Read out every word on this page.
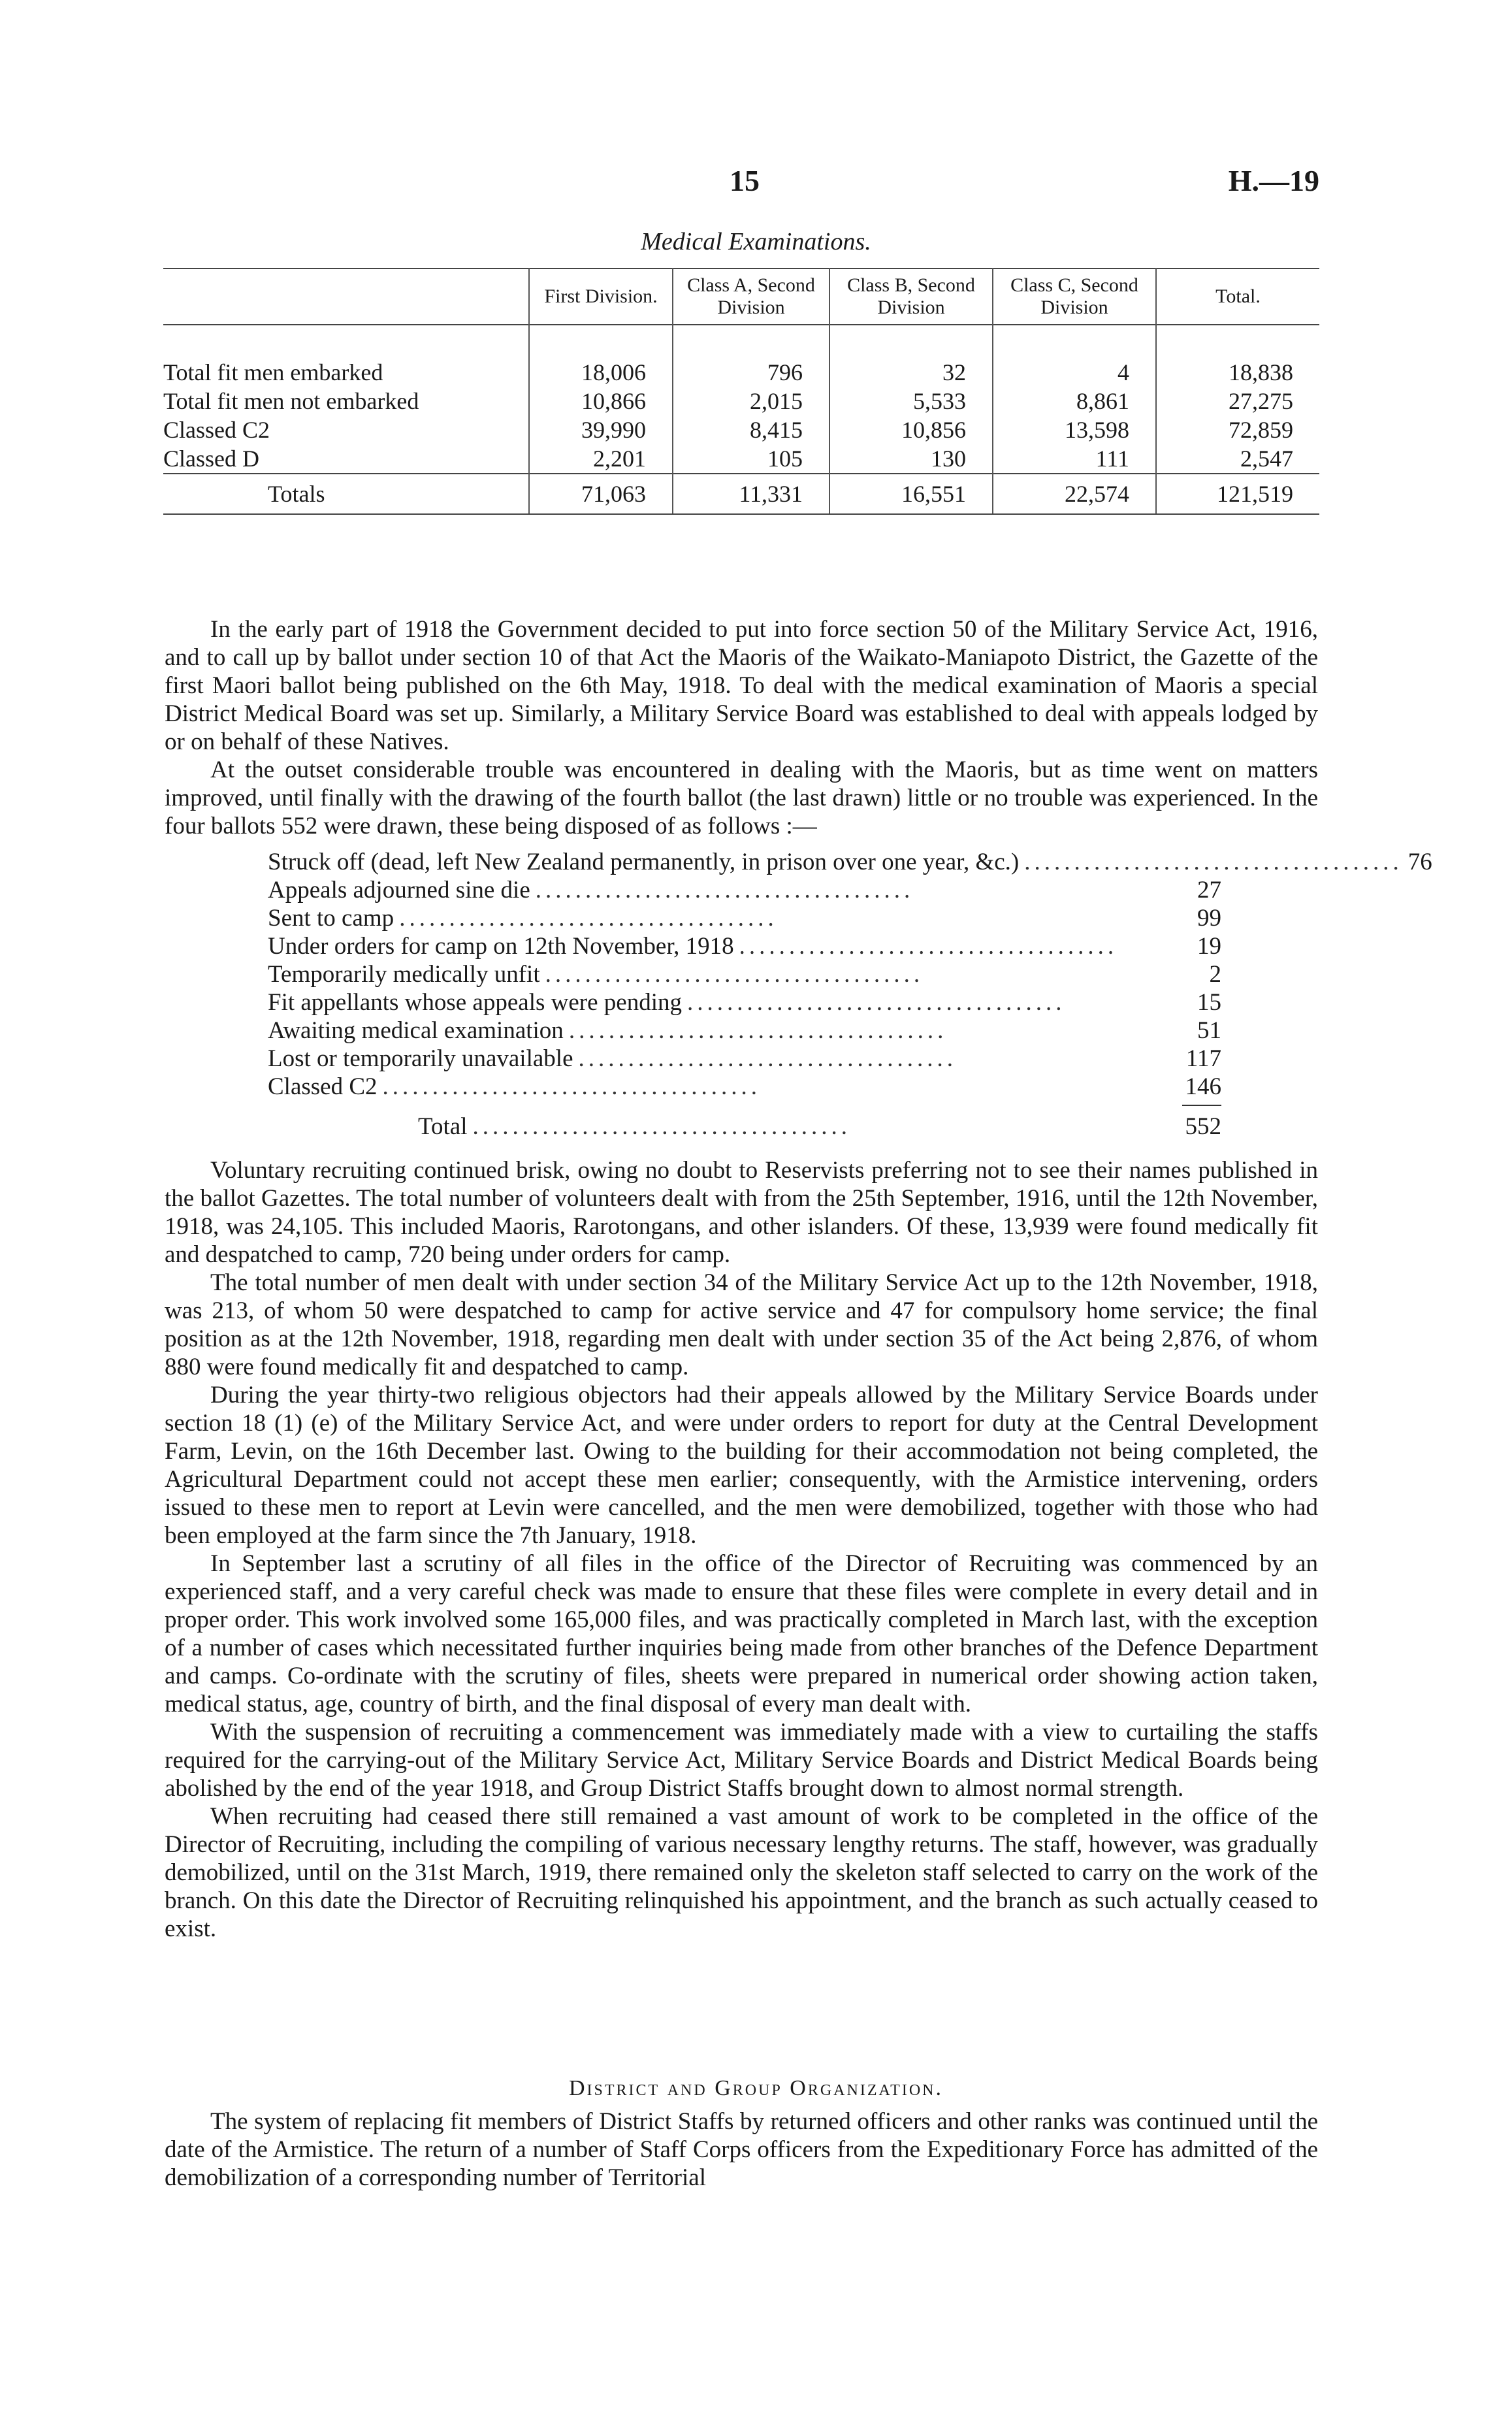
15	H.—19
Medical Examinations.
	First Division.	Class A, Second Division	Class B, Second Division	Class C, Second Division	Total.

Total fit men embarked	18,006	796	32	4	18,838
Total fit men not embarked	10,866	2,015	5,533	8,861	27,275
Classed C2	39,990	8,415	10,856	13,598	72,859
Classed D	2,201	105	130	111	2,547
Totals	71,063	11,331	16,551	22,574	121,519

In the early part of 1918 the Government decided to put into force section 50 of the Military Service Act, 1916, and to call up by ballot under section 10 of that Act the Maoris of the Waikato-Maniapoto District, the Gazette of the first Maori ballot being published on the 6th May, 1918. To deal with the medical examination of Maoris a special District Medical Board was set up. Similarly, a Military Service Board was established to deal with appeals lodged by or on behalf of these Natives.

At the outset considerable trouble was encountered in dealing with the Maoris, but as time went on matters improved, until finally with the drawing of the fourth ballot (the last drawn) little or no trouble was experienced. In the four ballots 552 were drawn, these being disposed of as follows :—

Struck off (dead, left New Zealand permanently, in prison over one year, &c.) ...................................... 76
Appeals adjourned sine die ......................................	27
Sent to camp ......................................	99
Under orders for camp on 12th November, 1918 ......................................	19
Temporarily medically unfit ......................................	2
Fit appellants whose appeals were pending ......................................	15
Awaiting medical examination ......................................	51
Lost or temporarily unavailable ......................................	117
Classed C2 ......................................	146
Total ......................................	552

Voluntary recruiting continued brisk, owing no doubt to Reservists preferring not to see their names published in the ballot Gazettes. The total number of volunteers dealt with from the 25th September, 1916, until the 12th November, 1918, was 24,105. This included Maoris, Rarotongans, and other islanders. Of these, 13,939 were found medically fit and despatched to camp, 720 being under orders for camp.

The total number of men dealt with under section 34 of the Military Service Act up to the 12th November, 1918, was 213, of whom 50 were despatched to camp for active service and 47 for compulsory home service; the final position as at the 12th November, 1918, regarding men dealt with under section 35 of the Act being 2,876, of whom 880 were found medically fit and despatched to camp.

During the year thirty-two religious objectors had their appeals allowed by the Military Service Boards under section 18 (1) (e) of the Military Service Act, and were under orders to report for duty at the Central Development Farm, Levin, on the 16th December last. Owing to the building for their accommodation not being completed, the Agricultural Department could not accept these men earlier; consequently, with the Armistice intervening, orders issued to these men to report at Levin were cancelled, and the men were demobilized, together with those who had been employed at the farm since the 7th January, 1918.

In September last a scrutiny of all files in the office of the Director of Recruiting was commenced by an experienced staff, and a very careful check was made to ensure that these files were complete in every detail and in proper order. This work involved some 165,000 files, and was practically completed in March last, with the exception of a number of cases which necessitated further inquiries being made from other branches of the Defence Department and camps. Co-ordinate with the scrutiny of files, sheets were prepared in numerical order showing action taken, medical status, age, country of birth, and the final disposal of every man dealt with.

With the suspension of recruiting a commencement was immediately made with a view to curtailing the staffs required for the carrying-out of the Military Service Act, Military Service Boards and District Medical Boards being abolished by the end of the year 1918, and Group District Staffs brought down to almost normal strength.

When recruiting had ceased there still remained a vast amount of work to be completed in the office of the Director of Recruiting, including the compiling of various necessary lengthy returns. The staff, however, was gradually demobilized, until on the 31st March, 1919, there remained only the skeleton staff selected to carry on the work of the branch. On this date the Director of Recruiting relinquished his appointment, and the branch as such actually ceased to exist.

District and Group Organization.

The system of replacing fit members of District Staffs by returned officers and other ranks was continued until the date of the Armistice. The return of a number of Staff Corps officers from the Expeditionary Force has admitted of the demobilization of a corresponding number of Territorial
